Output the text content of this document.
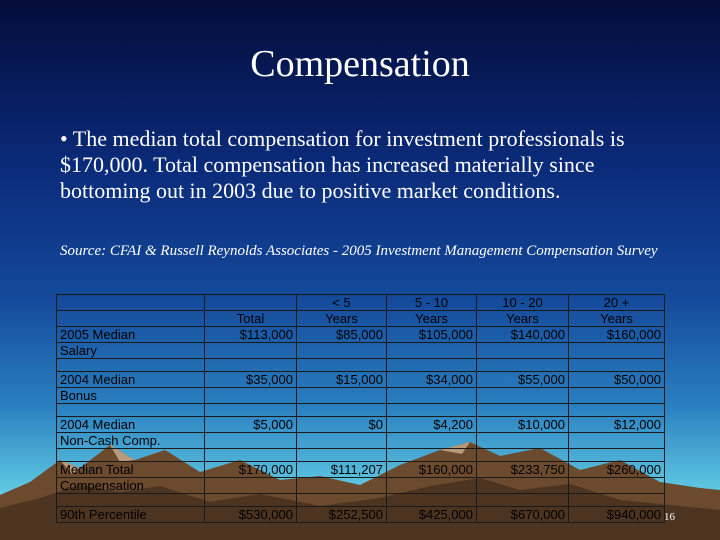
Compensation
• The median total compensation for investment professionals is $170,000. Total compensation has increased materially since bottoming out in 2003 due to positive market conditions.
Source: CFAI & Russell Reynolds Associates - 2005 Investment Management Compensation Survey
		< 5	5 - 10	10 - 20	20 +
	Total	Years	Years	Years	Years
2005 Median	$113,000	$85,000	$105,000	$140,000	$160,000
Salary					

2004 Median	$35,000	$15,000	$34,000	$55,000	$50,000
Bonus					

2004 Median	$5,000	$0	$4,200	$10,000	$12,000
Non-Cash Comp.					

Median Total	$170,000	$111,207	$160,000	$233,750	$260,000
Compensation					

90th Percentile	$530,000	$252,500	$425,000	$670,000	$940,000 16
